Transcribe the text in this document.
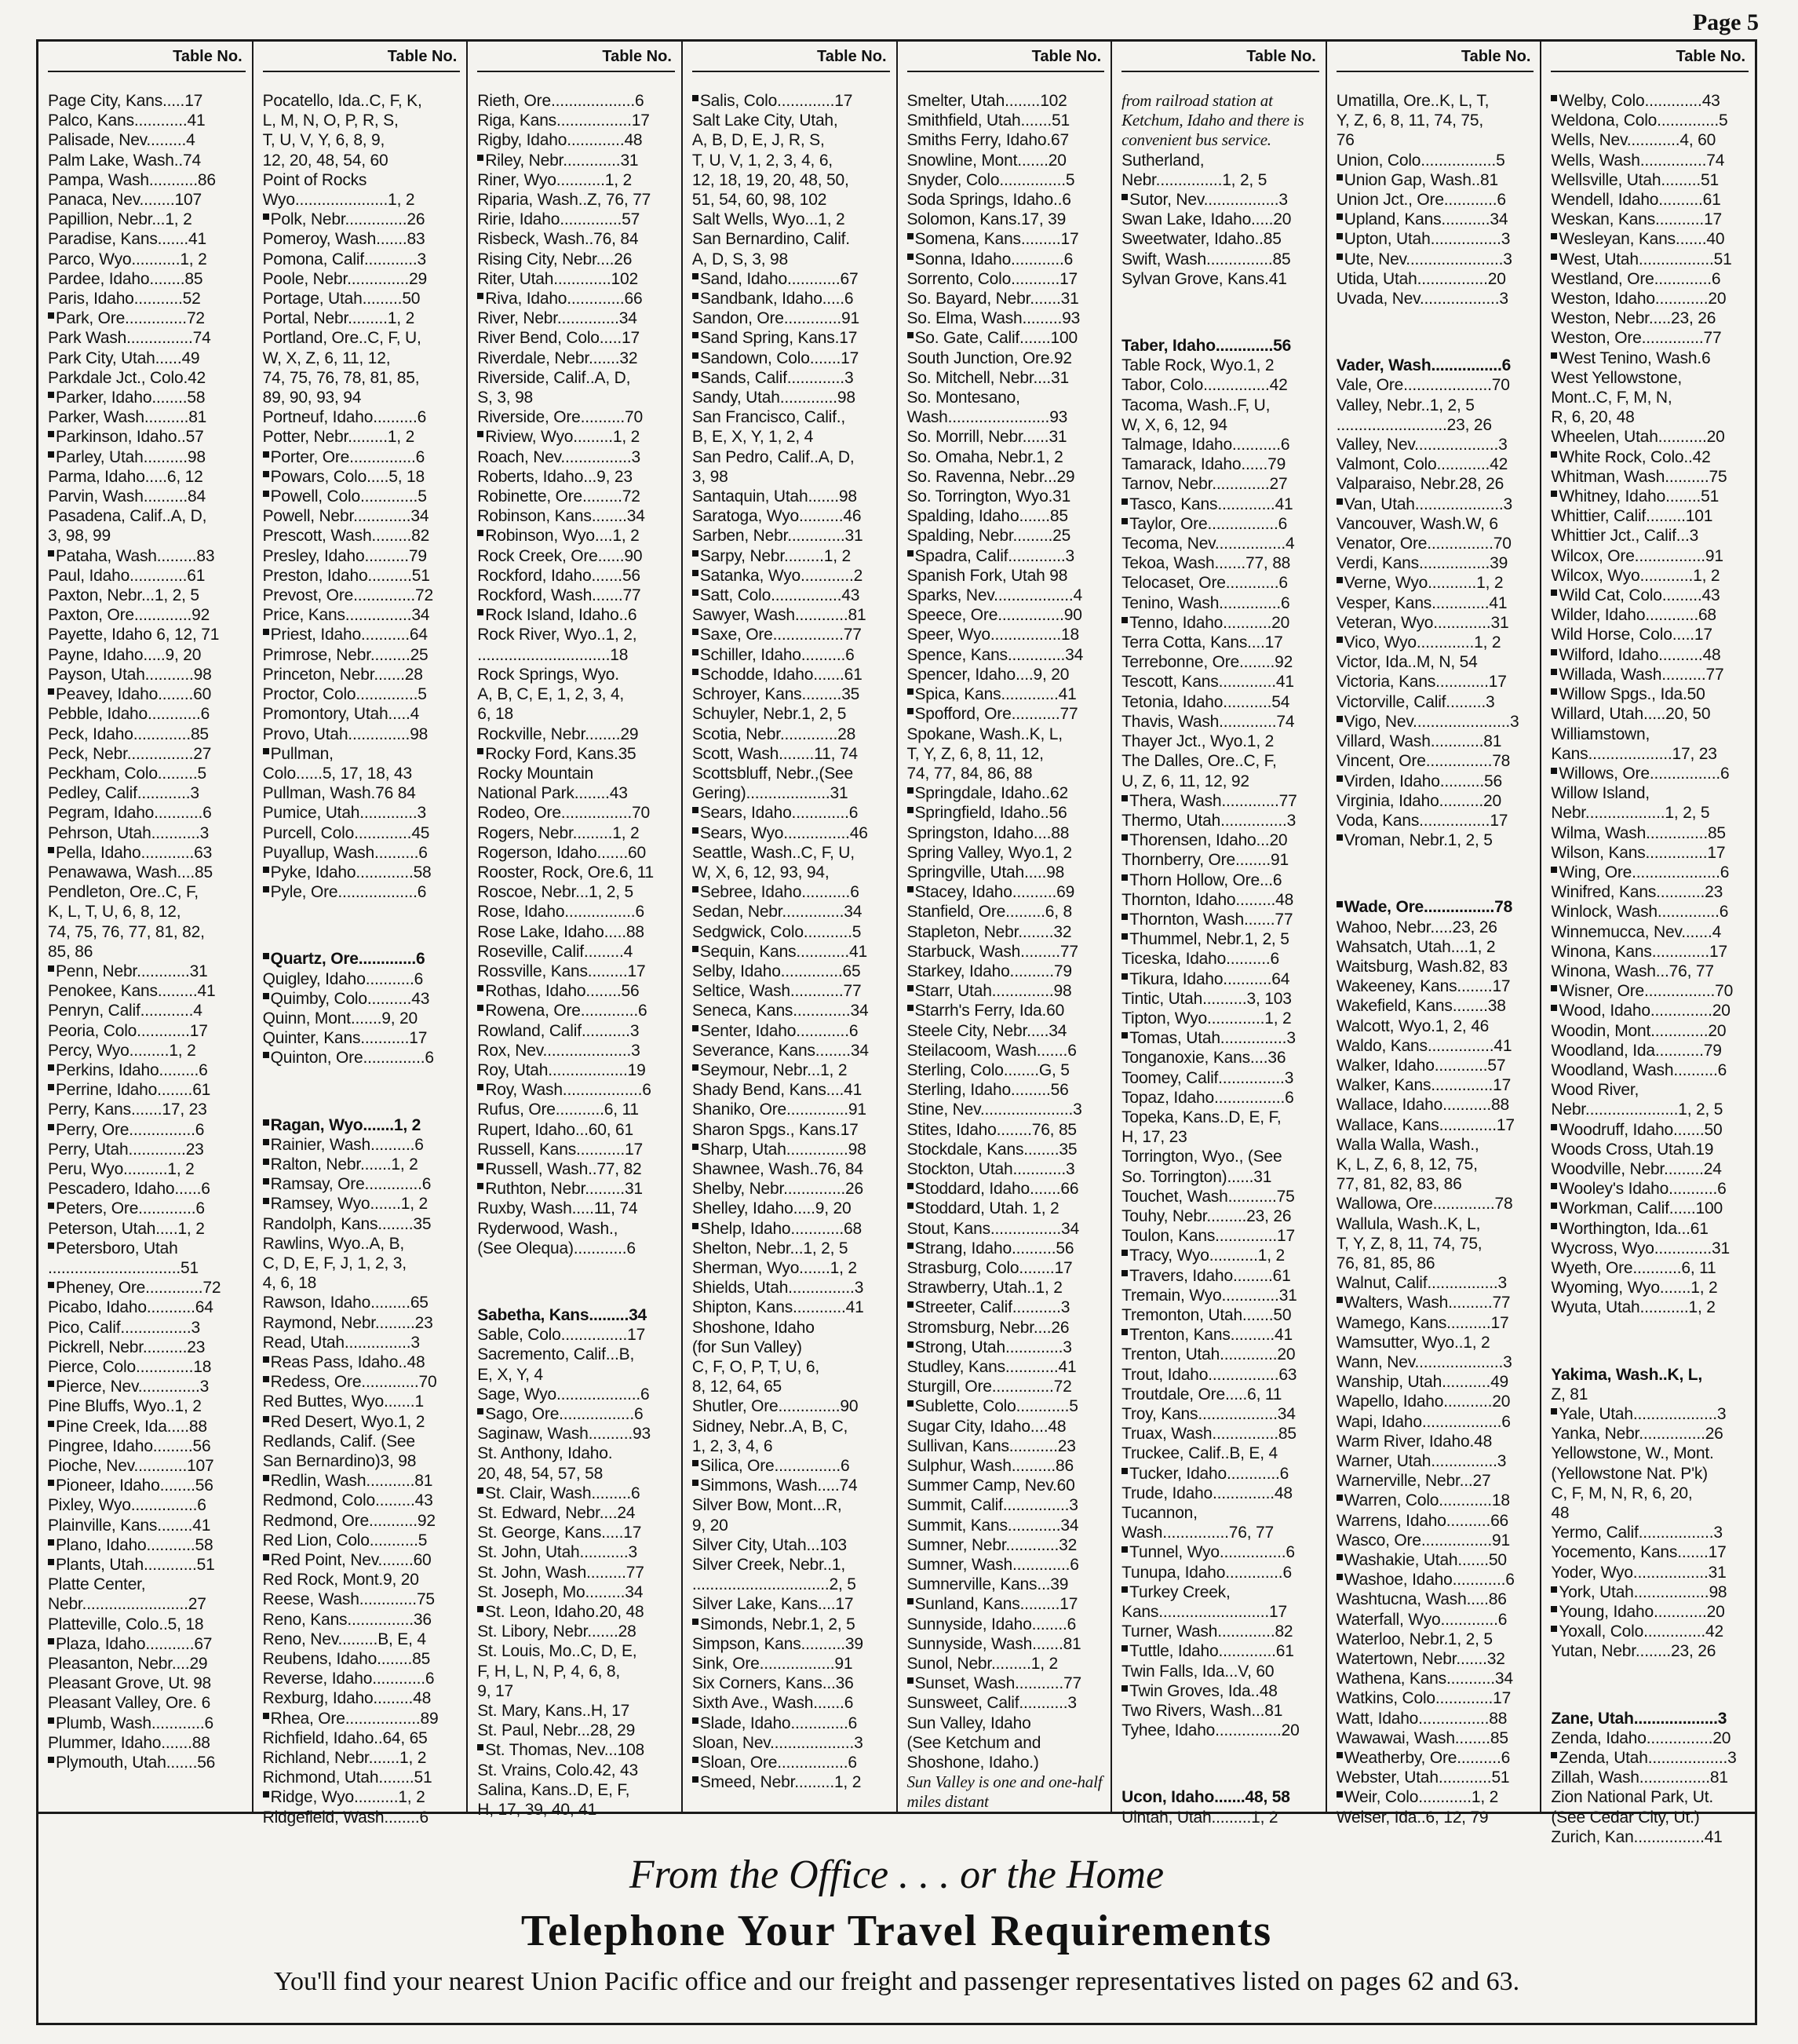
Page 5
Table No.
Page City, Kans.....17
Palco, Kans............41
Palisade, Nev.........4
Palm Lake, Wash..74
Pampa, Wash...........86
Panaca, Nev........107
Papillion, Nebr...1, 2
Paradise, Kans.......41
Parco, Wyo...........1, 2
Pardee, Idaho........85
Paris, Idaho...........52
Park, Ore..............72
Park Wash...............74
Park City, Utah......49
Parkdale Jct., Colo.42
Parker, Idaho........58
Parker, Wash..........81
Parkinson, Idaho..57
Parley, Utah..........98
Parma, Idaho.....6, 12
Parvin, Wash..........84
Pasadena, Calif..A, D,
3, 98, 99
Pataha, Wash.........83
Paul, Idaho.............61
Paxton, Nebr...1, 2, 5
Paxton, Ore.............92
Payette, Idaho 6, 12, 71
Payne, Idaho.....9, 20
Payson, Utah...........98
Peavey, Idaho........60
Pebble, Idaho............6
Peck, Idaho.............85
Peck, Nebr...............27
Peckham, Colo.........5
Pedley, Calif............3
Pegram, Idaho...........6
Pehrson, Utah...........3
Pella, Idaho............63
Penawawa, Wash....85
Pendleton, Ore..C, F,
K, L, T, U, 6, 8, 12,
74, 75, 76, 77, 81, 82,
85, 86
Penn, Nebr............31
Penokee, Kans.........41
Penryn, Calif............4
Peoria, Colo............17
Percy, Wyo.........1, 2
Perkins, Idaho.........6
Perrine, Idaho........61
Perry, Kans.......17, 23
Perry, Ore...............6
Perry, Utah.............23
Peru, Wyo..........1, 2
Pescadero, Idaho......6
Peters, Ore.............6
Peterson, Utah.....1, 2
Petersboro, Utah
..............................51
Pheney, Ore.............72
Picabo, Idaho...........64
Pico, Calif................3
Pickrell, Nebr..........23
Pierce, Colo.............18
Pierce, Nev..............3
Pine Bluffs, Wyo..1, 2
Pine Creek, Ida.....88
Pingree, Idaho.........56
Pioche, Nev............107
Pioneer, Idaho........56
Pixley, Wyo...............6
Plainville, Kans........41
Plano, Idaho...........58
Plants, Utah............51
Platte Center,
Nebr........................27
Platteville, Colo..5, 18
Plaza, Idaho...........67
Pleasanton, Nebr....29
Pleasant Grove, Ut. 98
Pleasant Valley, Ore. 6
Plumb, Wash............6
Plummer, Idaho.......88
Plymouth, Utah.......56
Table No.
Pocatello, Ida..C, F, K,
L, M, N, O, P, R, S,
T, U, V, Y, 6, 8, 9,
12, 20, 48, 54, 60
Point of Rocks
Wyo.....................1, 2
Polk, Nebr..............26
Pomeroy, Wash.......83
Pomona, Calif............3
Poole, Nebr..............29
Portage, Utah.........50
Portal, Nebr.........1, 2
Portland, Ore..C, F, U,
W, X, Z, 6, 11, 12,
74, 75, 76, 78, 81, 85,
89, 90, 93, 94
Portneuf, Idaho..........6
Potter, Nebr.........1, 2
Porter, Ore...............6
Powars, Colo.....5, 18
Powell, Colo.............5
Powell, Nebr.............34
Prescott, Wash.........82
Presley, Idaho..........79
Preston, Idaho..........51
Prevost, Ore..............72
Price, Kans...............34
Priest, Idaho...........64
Primrose, Nebr.........25
Princeton, Nebr.......28
Proctor, Colo..............5
Promontory, Utah.....4
Provo, Utah..............98
Pullman,
Colo......5, 17, 18, 43
Pullman, Wash.76 84
Pumice, Utah.............3
Purcell, Colo.............45
Puyallup, Wash..........6
Pyke, Idaho.............58
Pyle, Ore..................6
Quartz, Ore.............6
Quigley, Idaho...........6
Quimby, Colo..........43
Quinn, Mont.......9, 20
Quinter, Kans...........17
Quinton, Ore..............6
Ragan, Wyo.......1, 2
Rainier, Wash..........6
Ralton, Nebr.......1, 2
Ramsay, Ore.............6
Ramsey, Wyo.......1, 2
Randolph, Kans........35
Rawlins, Wyo..A, B,
C, D, E, F, J, 1, 2, 3,
4, 6, 18
Rawson, Idaho.........65
Raymond, Nebr.........23
Read, Utah...............3
Reas Pass, Idaho..48
Redess, Ore.............70
Red Buttes, Wyo.......1
Red Desert, Wyo.1, 2
Redlands, Calif. (See
San Bernardino)3, 98
Redlin, Wash...........81
Redmond, Colo.........43
Redmond, Ore...........92
Red Lion, Colo...........5
Red Point, Nev........60
Red Rock, Mont.9, 20
Reese, Wash.............75
Reno, Kans...............36
Reno, Nev.........B, E, 4
Reubens, Idaho........85
Reverse, Idaho............6
Rexburg, Idaho.........48
Rhea, Ore.................89
Richfield, Idaho..64, 65
Richland, Nebr.......1, 2
Richmond, Utah........51
Ridge, Wyo..........1, 2
Ridgefield, Wash........6
Table No.
Rieth, Ore...................6
Riga, Kans.................17
Rigby, Idaho.............48
Riley, Nebr.............31
Riner, Wyo...........1, 2
Riparia, Wash..Z, 76, 77
Ririe, Idaho..............57
Risbeck, Wash..76, 84
Rising City, Nebr....26
Riter, Utah.............102
Riva, Idaho.............66
River, Nebr..............34
River Bend, Colo.....17
Riverdale, Nebr.......32
Riverside, Calif..A, D,
S, 3, 98
Riverside, Ore..........70
Riview, Wyo.........1, 2
Roach, Nev................3
Roberts, Idaho...9, 23
Robinette, Ore.........72
Robinson, Kans........34
Robinson, Wyo....1, 2
Rock Creek, Ore......90
Rockford, Idaho.......56
Rockford, Wash.......77
Rock Island, Idaho..6
Rock River, Wyo..1, 2,
..............................18
Rock Springs, Wyo.
A, B, C, E, 1, 2, 3, 4,
6, 18
Rockville, Nebr........29
Rocky Ford, Kans.35
Rocky Mountain
National Park........43
Rodeo, Ore................70
Rogers, Nebr.........1, 2
Rogerson, Idaho.......60
Rooster, Rock, Ore.6, 11
Roscoe, Nebr...1, 2, 5
Rose, Idaho................6
Rose Lake, Idaho.....88
Roseville, Calif.........4
Rossville, Kans.........17
Rothas, Idaho........56
Rowena, Ore.............6
Rowland, Calif...........3
Rox, Nev....................3
Roy, Utah..................19
Roy, Wash..................6
Rufus, Ore...........6, 11
Rupert, Idaho...60, 61
Russell, Kans...........17
Russell, Wash..77, 82
Ruthton, Nebr.........31
Ruxby, Wash.....11, 74
Ryderwood, Wash.,
(See Olequa)............6
Sabetha, Kans.........34
Sable, Colo...............17
Sacremento, Calif...B,
E, X, Y, 4
Sage, Wyo...................6
Sago, Ore.................6
Saginaw, Wash..........93
St. Anthony, Idaho.
20, 48, 54, 57, 58
St. Clair, Wash.........6
St. Edward, Nebr....24
St. George, Kans.....17
St. John, Utah...........3
St. John, Wash.........77
St. Joseph, Mo.........34
St. Leon, Idaho.20, 48
St. Libory, Nebr.......28
St. Louis, Mo..C, D, E,
F, H, L, N, P, 4, 6, 8,
9, 17
St. Mary, Kans..H, 17
St. Paul, Nebr...28, 29
St. Thomas, Nev...108
St. Vrains, Colo.42, 43
Salina, Kans..D, E, F,
H, 17, 39, 40, 41
Table No.
Salis, Colo.............17
Salt Lake City, Utah,
A, B, D, E, J, R, S,
T, U, V, 1, 2, 3, 4, 6,
12, 18, 19, 20, 48, 50,
51, 54, 60, 98, 102
Salt Wells, Wyo...1, 2
San Bernardino, Calif.
A, D, S, 3, 98
Sand, Idaho............67
Sandbank, Idaho.....6
Sandon, Ore.............91
Sand Spring, Kans.17
Sandown, Colo.......17
Sands, Calif.............3
Sandy, Utah.............98
San Francisco, Calif.,
B, E, X, Y, 1, 2, 4
San Pedro, Calif..A, D,
3, 98
Santaquin, Utah.......98
Saratoga, Wyo..........46
Sarben, Nebr.............31
Sarpy, Nebr.........1, 2
Satanka, Wyo............2
Satt, Colo................43
Sawyer, Wash............81
Saxe, Ore................77
Schiller, Idaho..........6
Schodde, Idaho.......61
Schroyer, Kans.........35
Schuyler, Nebr.1, 2, 5
Scotia, Nebr.............28
Scott, Wash........11, 74
Scottsbluff, Nebr.,(See
Gering)...................31
Sears, Idaho.............6
Sears, Wyo...............46
Seattle, Wash..C, F, U,
W, X, 6, 12, 93, 94,
Sebree, Idaho...........6
Sedan, Nebr..............34
Sedgwick, Colo...........5
Sequin, Kans............41
Selby, Idaho..............65
Seltice, Wash............77
Seneca, Kans.............34
Senter, Idaho............6
Severance, Kans........34
Seymour, Nebr...1, 2
Shady Bend, Kans....41
Shaniko, Ore..............91
Sharon Spgs., Kans.17
Sharp, Utah..............98
Shawnee, Wash..76, 84
Shelby, Nebr..............26
Shelley, Idaho.....9, 20
Shelp, Idaho............68
Shelton, Nebr...1, 2, 5
Sherman, Wyo.......1, 2
Shields, Utah...............3
Shipton, Kans............41
Shoshone, Idaho
(for Sun Valley)
C, F, O, P, T, U, 6,
8, 12, 64, 65
Shutler, Ore..............90
Sidney, Nebr..A, B, C,
1, 2, 3, 4, 6
Silica, Ore...............6
Simmons, Wash.....74
Silver Bow, Mont...R,
9, 20
Silver City, Utah...103
Silver Creek, Nebr..1,
...............................2, 5
Silver Lake, Kans....17
Simonds, Nebr.1, 2, 5
Simpson, Kans..........39
Sink, Ore.................91
Six Corners, Kans...36
Sixth Ave., Wash.......6
Slade, Idaho.............6
Sloan, Nev...................3
Sloan, Ore................6
Smeed, Nebr.........1, 2
Table No.
Smelter, Utah........102
Smithfield, Utah.......51
Smiths Ferry, Idaho.67
Snowline, Mont.......20
Snyder, Colo...............5
Soda Springs, Idaho..6
Solomon, Kans.17, 39
Somena, Kans.........17
Sonna, Idaho............6
Sorrento, Colo...........17
So. Bayard, Nebr.......31
So. Elma, Wash.........93
So. Gate, Calif.......100
South Junction, Ore.92
So. Mitchell, Nebr....31
So. Montesano,
Wash.......................93
So. Morrill, Nebr......31
So. Omaha, Nebr.1, 2
So. Ravenna, Nebr...29
So. Torrington, Wyo.31
Spalding, Idaho.......85
Spalding, Nebr.........25
Spadra, Calif.............3
Spanish Fork, Utah 98
Sparks, Nev..................4
Speece, Ore...............90
Speer, Wyo................18
Spence, Kans.............34
Spencer, Idaho....9, 20
Spica, Kans.............41
Spofford, Ore...........77
Spokane, Wash..K, L,
T, Y, Z, 6, 8, 11, 12,
74, 77, 84, 86, 88
Springdale, Idaho..62
Springfield, Idaho..56
Springston, Idaho....88
Spring Valley, Wyo.1, 2
Springville, Utah.....98
Stacey, Idaho..........69
Stanfield, Ore.........6, 8
Stapleton, Nebr........32
Starbuck, Wash.........77
Starkey, Idaho..........79
Starr, Utah..............98
Starrh's Ferry, Ida.60
Steele City, Nebr.....34
Steilacoom, Wash.......6
Sterling, Colo........G, 5
Sterling, Idaho.........56
Stine, Nev.....................3
Stites, Idaho........76, 85
Stockdale, Kans........35
Stockton, Utah............3
Stoddard, Idaho.......66
Stoddard, Utah. 1, 2
Stout, Kans................34
Strang, Idaho..........56
Strasburg, Colo........17
Strawberry, Utah..1, 2
Streeter, Calif...........3
Stromsburg, Nebr....26
Strong, Utah.............3
Studley, Kans............41
Sturgill, Ore..............72
Sublette, Colo............5
Sugar City, Idaho....48
Sullivan, Kans...........23
Sulphur, Wash..........86
Summer Camp, Nev.60
Summit, Calif...............3
Summit, Kans............34
Sumner, Nebr............32
Sumner, Wash.............6
Sumnerville, Kans...39
Sunland, Kans.........17
Sunnyside, Idaho........6
Sunnyside, Wash.......81
Sunol, Nebr.........1, 2
Sunset, Wash...........77
Sunsweet, Calif...........3
Sun Valley, Idaho
(See Ketchum and
Shoshone, Idaho.)
Sun Valley is one and one-half miles distant
Table No.
from railroad station at Ketchum, Idaho and there is convenient bus service.
Sutherland,
Nebr...............1, 2, 5
Sutor, Nev.................3
Swan Lake, Idaho.....20
Sweetwater, Idaho..85
Swift, Wash...............85
Sylvan Grove, Kans.41
Taber, Idaho.............56
Table Rock, Wyo.1, 2
Tabor, Colo...............42
Tacoma, Wash..F, U,
W, X, 6, 12, 94
Talmage, Idaho...........6
Tamarack, Idaho......79
Tarnov, Nebr.............27
Tasco, Kans.............41
Taylor, Ore................6
Tecoma, Nev................4
Tekoa, Wash.......77, 88
Telocaset, Ore............6
Tenino, Wash..............6
Tenno, Idaho...........20
Terra Cotta, Kans....17
Terrebonne, Ore........92
Tescott, Kans.............41
Tetonia, Idaho...........54
Thavis, Wash.............74
Thayer Jct., Wyo.1, 2
The Dalles, Ore..C, F,
U, Z, 6, 11, 12, 92
Thera, Wash.............77
Thermo, Utah...............3
Thorensen, Idaho...20
Thornberry, Ore........91
Thorn Hollow, Ore...6
Thornton, Idaho.........48
Thornton, Wash.......77
Thummel, Nebr.1, 2, 5
Ticeska, Idaho..........6
Tikura, Idaho...........64
Tintic, Utah..........3, 103
Tipton, Wyo.............1, 2
Tomas, Utah...............3
Tonganoxie, Kans....36
Toomey, Calif...............3
Topaz, Idaho................6
Topeka, Kans..D, E, F,
H, 17, 23
Torrington, Wyo., (See
So. Torrington)......31
Touchet, Wash...........75
Touhy, Nebr.........23, 26
Toulon, Kans..............17
Tracy, Wyo...........1, 2
Travers, Idaho.........61
Tremain, Wyo.............31
Tremonton, Utah.......50
Trenton, Kans..........41
Trenton, Utah.............20
Trout, Idaho................63
Troutdale, Ore.....6, 11
Troy, Kans..................34
Truax, Wash...............85
Truckee, Calif..B, E, 4
Tucker, Idaho............6
Trude, Idaho..............48
Tucannon,
Wash...............76, 77
Tunnel, Wyo...............6
Tunupa, Idaho.............6
Turkey Creek,
Kans.........................17
Turner, Wash.............82
Tuttle, Idaho.............61
Twin Falls, Ida...V, 60
Twin Groves, Ida..48
Two Rivers, Wash...81
Tyhee, Idaho...............20
Ucon, Idaho.......48, 58
Uintah, Utah.........1, 2
Table No.
Umatilla, Ore..K, L, T,
Y, Z, 6, 8, 11, 74, 75,
76
Union, Colo.................5
Union Gap, Wash..81
Union Jct., Ore............6
Upland, Kans...........34
Upton, Utah................3
Ute, Nev......................3
Utida, Utah................20
Uvada, Nev..................3
Vader, Wash................6
Vale, Ore....................70
Valley, Nebr..1, 2, 5
.........................23, 26
Valley, Nev...................3
Valmont, Colo............42
Valparaiso, Nebr.28, 26
Van, Utah....................3
Vancouver, Wash.W, 6
Venator, Ore...............70
Verdi, Kans................39
Verne, Wyo...........1, 2
Vesper, Kans.............41
Veteran, Wyo.............31
Vico, Wyo.............1, 2
Victor, Ida..M, N, 54
Victoria, Kans............17
Victorville, Calif.........3
Vigo, Nev......................3
Villard, Wash............81
Vincent, Ore...............78
Virden, Idaho..........56
Virginia, Idaho..........20
Voda, Kans................17
Vroman, Nebr.1, 2, 5
Wade, Ore................78
Wahoo, Nebr.....23, 26
Wahsatch, Utah....1, 2
Waitsburg, Wash.82, 83
Wakeeney, Kans........17
Wakefield, Kans........38
Walcott, Wyo.1, 2, 46
Waldo, Kans...............41
Walker, Idaho............57
Walker, Kans..............17
Wallace, Idaho...........88
Wallace, Kans.............17
Walla Walla, Wash.,
K, L, Z, 6, 8, 12, 75,
77, 81, 82, 83, 86
Wallowa, Ore..............78
Wallula, Wash..K, L,
T, Y, Z, 8, 11, 74, 75,
76, 81, 85, 86
Walnut, Calif................3
Walters, Wash..........77
Wamego, Kans..........17
Wamsutter, Wyo..1, 2
Wann, Nev....................3
Wanship, Utah...........49
Wapello, Idaho...........20
Wapi, Idaho..................6
Warm River, Idaho.48
Warner, Utah...............3
Warnerville, Nebr...27
Warren, Colo............18
Warrens, Idaho..........66
Wasco, Ore................91
Washakie, Utah.......50
Washoe, Idaho............6
Washtucna, Wash.....86
Waterfall, Wyo.............6
Waterloo, Nebr.1, 2, 5
Watertown, Nebr.......32
Wathena, Kans...........34
Watkins, Colo.............17
Watt, Idaho................88
Wawawai, Wash........85
Weatherby, Ore..........6
Webster, Utah............51
Weir, Colo............1, 2
Weiser, Ida..6, 12, 79
Table No.
Welby, Colo.............43
Weldona, Colo..............5
Wells, Nev............4, 60
Wells, Wash...............74
Wellsville, Utah.........51
Wendell, Idaho..........61
Weskan, Kans...........17
Wesleyan, Kans.......40
West, Utah.................51
Westland, Ore.............6
Weston, Idaho............20
Weston, Nebr.....23, 26
Weston, Ore..............77
West Tenino, Wash.6
West Yellowstone,
Mont..C, F, M, N,
R, 6, 20, 48
Wheelen, Utah...........20
White Rock, Colo..42
Whitman, Wash..........75
Whitney, Idaho........51
Whittier, Calif.........101
Whittier Jct., Calif...3
Wilcox, Ore................91
Wilcox, Wyo............1, 2
Wild Cat, Colo.........43
Wilder, Idaho............68
Wild Horse, Colo.....17
Wilford, Idaho..........48
Willada, Wash..........77
Willow Spgs., Ida.50
Willard, Utah.....20, 50
Williamstown,
Kans...................17, 23
Willows, Ore................6
Willow Island,
Nebr..................1, 2, 5
Wilma, Wash..............85
Wilson, Kans..............17
Wing, Ore....................6
Winifred, Kans...........23
Winlock, Wash..............6
Winnemucca, Nev.......4
Winona, Kans.............17
Winona, Wash...76, 77
Wisner, Ore................70
Wood, Idaho..............20
Woodin, Mont.............20
Woodland, Ida...........79
Woodland, Wash..........6
Wood River,
Nebr.....................1, 2, 5
Woodruff, Idaho.......50
Woods Cross, Utah.19
Woodville, Nebr.........24
Wooley's Idaho...........6
Workman, Calif......100
Worthington, Ida...61
Wycross, Wyo.............31
Wyeth, Ore...........6, 11
Wyoming, Wyo.......1, 2
Wyuta, Utah...........1, 2
Yakima, Wash..K, L,
Z, 81
Yale, Utah...................3
Yanka, Nebr...............26
Yellowstone, W., Mont.
(Yellowstone Nat. P'k)
C, F, M, N, R, 6, 20,
48
Yermo, Calif.................3
Yocemento, Kans.......17
Yoder, Wyo.................31
York, Utah.................98
Young, Idaho............20
Yoxall, Colo..............42
Yutan, Nebr........23, 26
Zane, Utah...................3
Zenda, Idaho...............20
Zenda, Utah..................3
Zillah, Wash................81
Zion National Park, Ut.
(See Cedar City, Ut.)
Zurich, Kan................41
From the Office . . . or the Home
Telephone Your Travel Requirements
You'll find your nearest Union Pacific office and our freight and passenger representatives listed on pages 62 and 63.
